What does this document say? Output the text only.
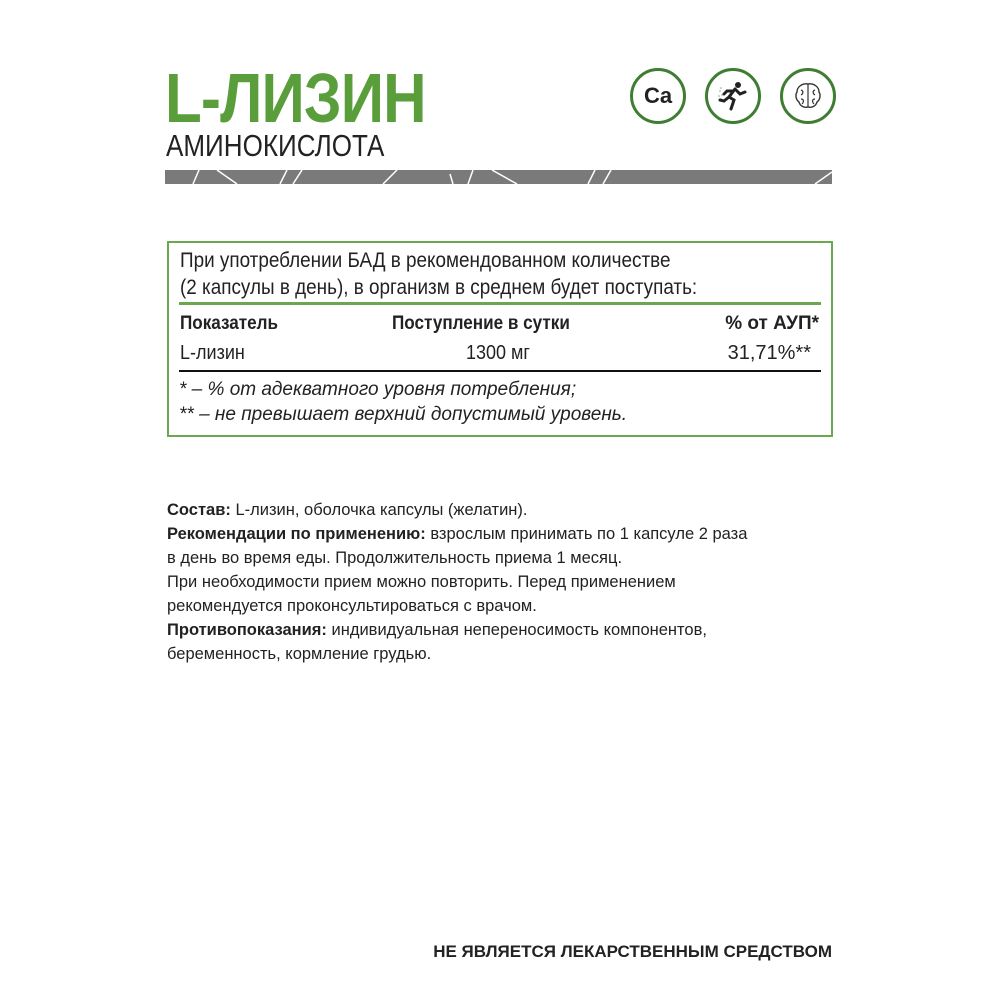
L-ЛИЗИН
АМИНОКИСЛОТА
Ca
При употреблении БАД в рекомендованном количестве
(2 капсулы в день), в организм в среднем будет поступать:
Показатель	Поступление в сутки	% от АУП*
L-лизин	1300 мг	31,71%**
* – % от адекватного уровня потребления;
** – не превышает верхний допустимый уровень.
Состав: L-лизин, оболочка капсулы (желатин).
Рекомендации по применению: взрослым принимать по 1 капсуле 2 раза
в день во время еды. Продолжительность приема 1 месяц.
При необходимости прием можно повторить. Перед применением
рекомендуется проконсультироваться с врачом.
Противопоказания: индивидуальная непереносимость компонентов,
беременность, кормление грудью.
НЕ ЯВЛЯЕТСЯ ЛЕКАРСТВЕННЫМ СРЕДСТВОМ
